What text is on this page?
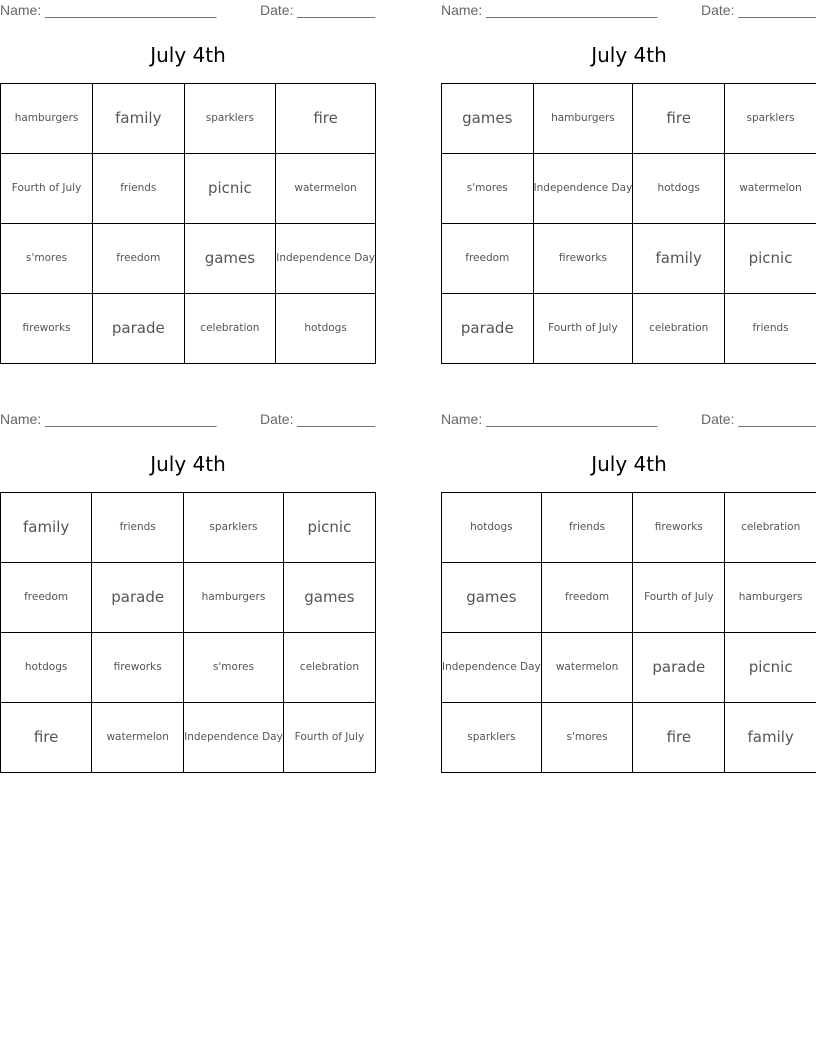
Name: ______________________	Date: __________
July 4th
hamburgers	family	sparklers	fire
Fourth of July	friends	picnic	watermelon
s'mores	freedom	games	Independence Day
fireworks	parade	celebration	hotdogs
Name: ______________________	Date: __________
July 4th
games	hamburgers	fire	sparklers
s'mores	Independence Day	hotdogs	watermelon
freedom	fireworks	family	picnic
parade	Fourth of July	celebration	friends
Name: ______________________	Date: __________
July 4th
family	friends	sparklers	picnic
freedom	parade	hamburgers	games
hotdogs	fireworks	s'mores	celebration
fire	watermelon	Independence Day	Fourth of July
Name: ______________________	Date: __________
July 4th
hotdogs	friends	fireworks	celebration
games	freedom	Fourth of July	hamburgers
Independence Day	watermelon	parade	picnic
sparklers	s'mores	fire	family
